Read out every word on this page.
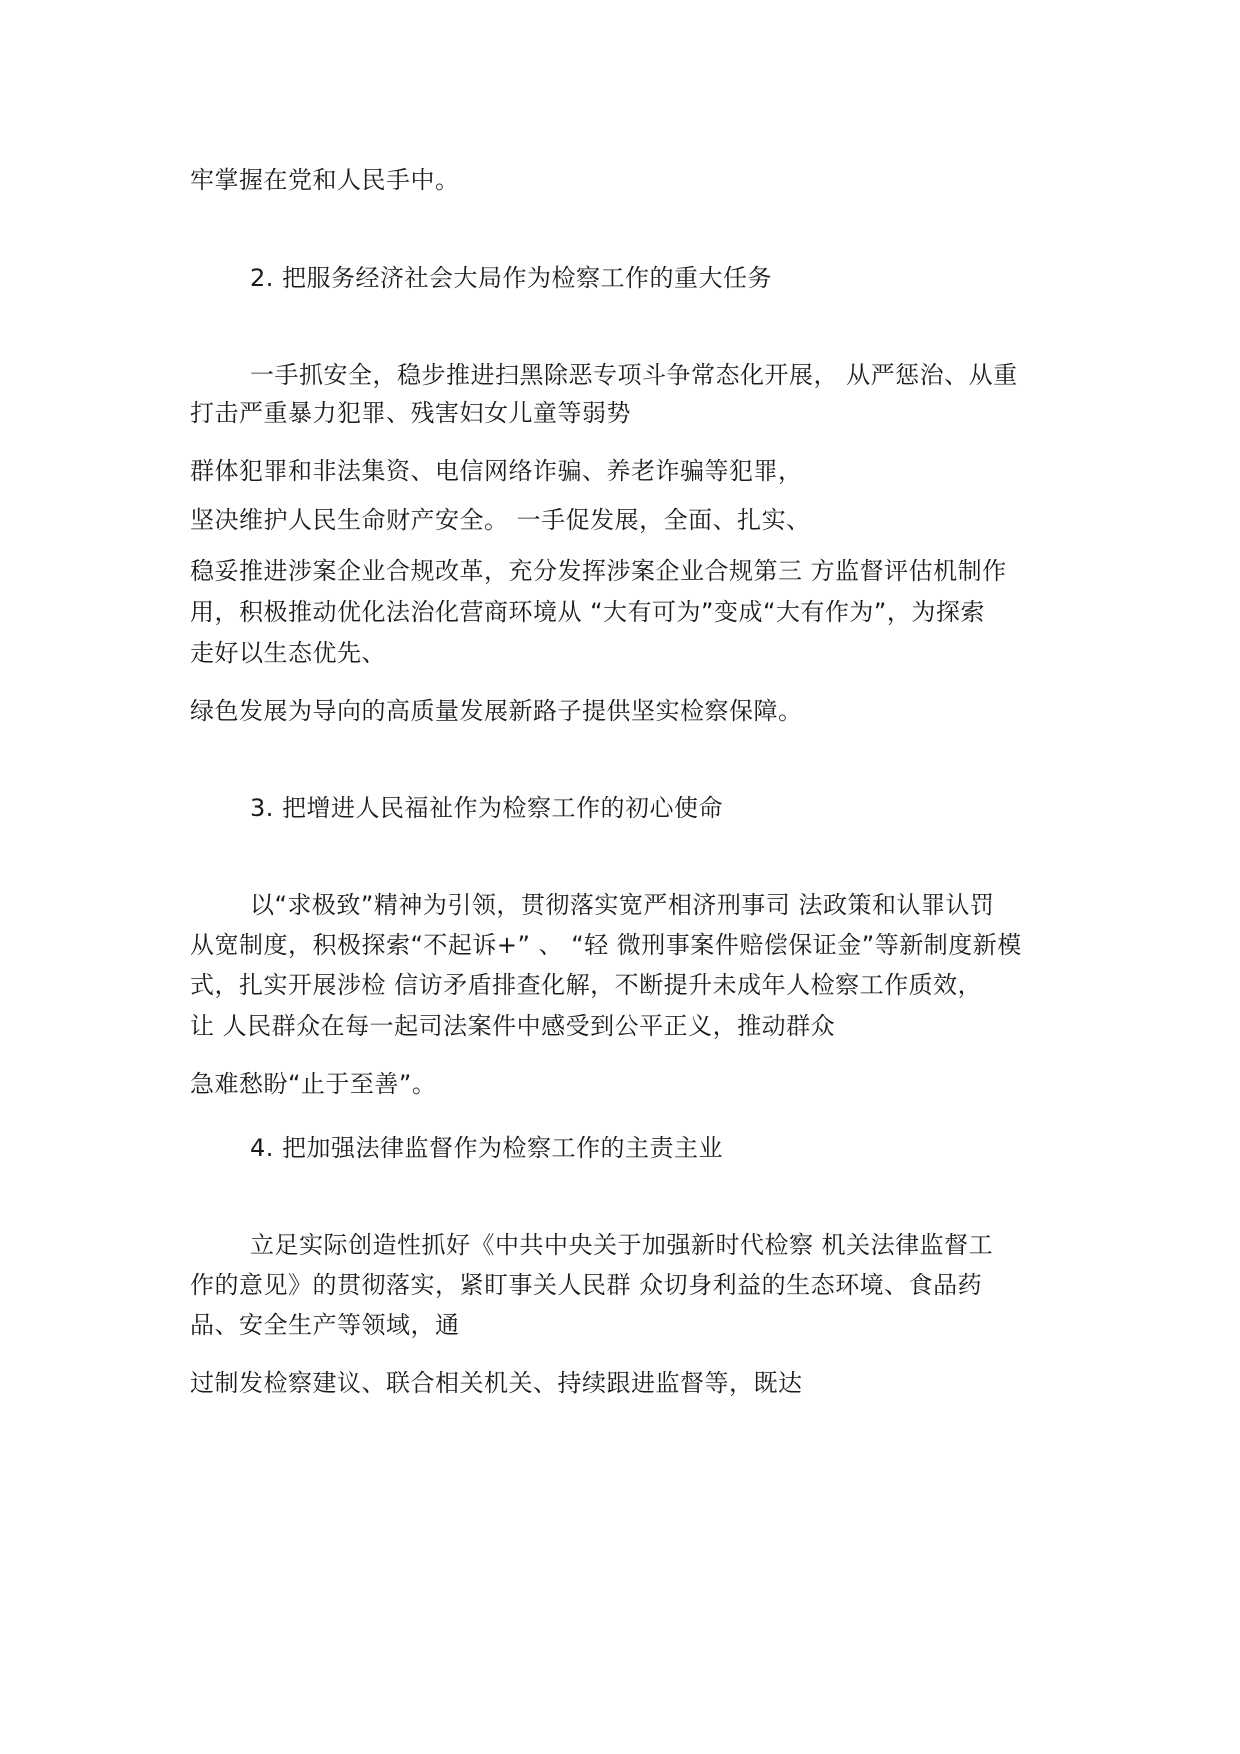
牢掌握在党和人民手中。
2. 把服务经济社会大局作为检察工作的重大任务
一手抓安全，稳步推进扫黑除恶专项斗争常态化开展， 从严惩治、从重
打击严重暴力犯罪、残害妇女儿童等弱势
群体犯罪和非法集资、电信网络诈骗、养老诈骗等犯罪，
坚决维护人民生命财产安全。 一手促发展，全面、扎实、
稳妥推进涉案企业合规改革，充分发挥涉案企业合规第三 方监督评估机制作
用，积极推动优化法治化营商环境从 “大有可为”变成“大有作为”，为探索
走好以生态优先、
绿色发展为导向的高质量发展新路子提供坚实检察保障。
3. 把增进人民福祉作为检察工作的初心使命
以“求极致”精神为引领，贯彻落实宽严相济刑事司 法政策和认罪认罚
从宽制度，积极探索“不起诉+” 、 “轻 微刑事案件赔偿保证金”等新制度新模
式，扎实开展涉检 信访矛盾排查化解，不断提升未成年人检察工作质效，
让 人民群众在每一起司法案件中感受到公平正义，推动群众
急难愁盼“止于至善”。
4. 把加强法律监督作为检察工作的主责主业
立足实际创造性抓好《中共中央关于加强新时代检察 机关法律监督工
作的意见》的贯彻落实，紧盯事关人民群 众切身利益的生态环境、食品药
品、安全生产等领域，通
过制发检察建议、联合相关机关、持续跟进监督等，既达
